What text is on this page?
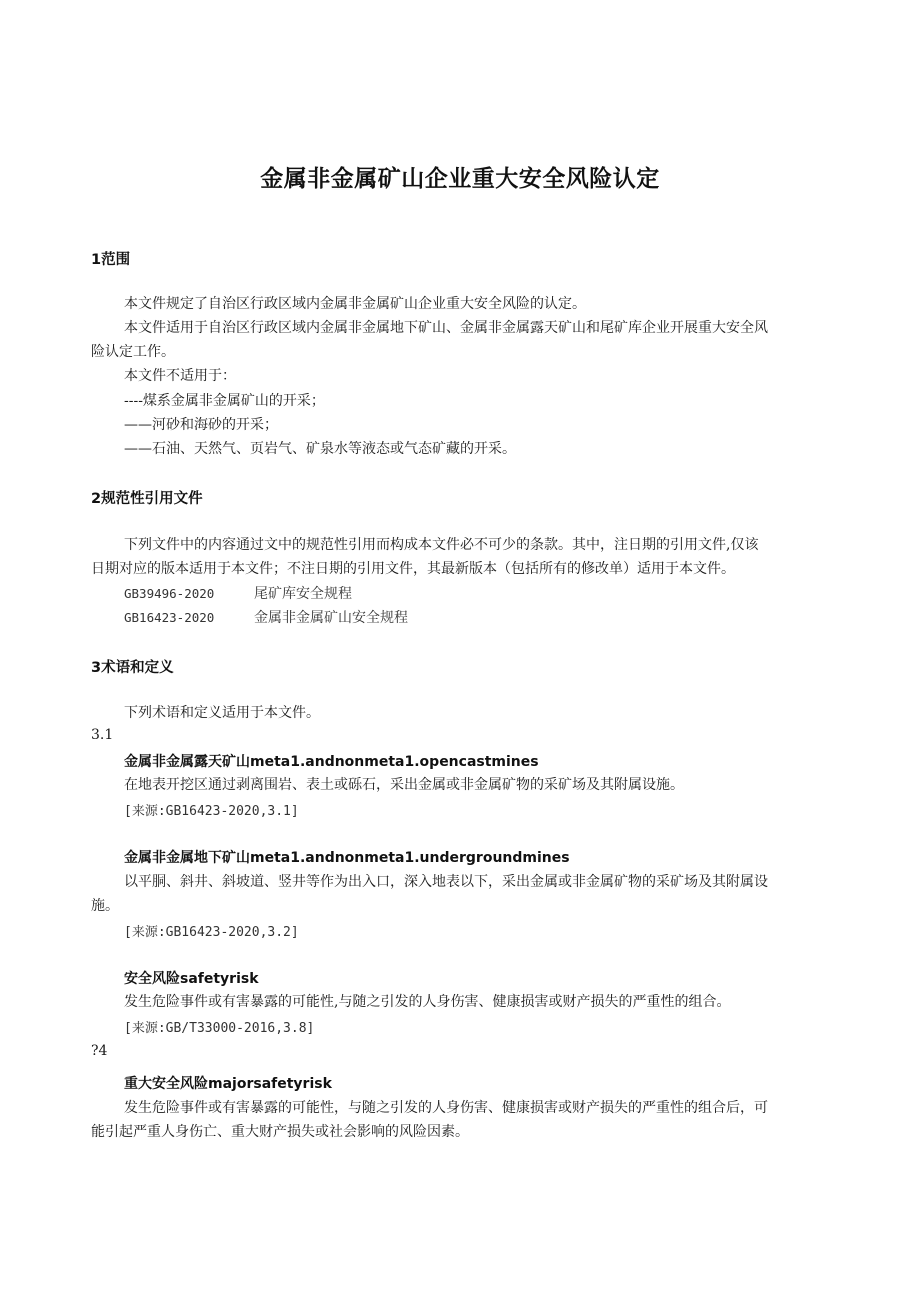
金属非金属矿山企业重大安全风险认定
1范围
本文件规定了自治区行政区域内金属非金属矿山企业重大安全风险的认定。
本文件适用于自治区行政区域内金属非金属地下矿山、金属非金属露天矿山和尾矿库企业开展重大安全风
险认定工作。
本文件不适用于：
----煤系金属非金属矿山的开采；
——河砂和海砂的开采；
——石油、天然气、页岩气、矿泉水等液态或气态矿藏的开采。
2规范性引用文件
下列文件中的内容通过文中的规范性引用而构成本文件必不可少的条款。其中，注日期的引用文件,仅该
日期对应的版本适用于本文件；不注日期的引用文件，其最新版本（包括所有的修改单）适用于本文件。
GB39496-2020	尾矿库安全规程
GB16423-2020	金属非金属矿山安全规程
3术语和定义
下列术语和定义适用于本文件。
3.1
金属非金属露天矿山meta1.andnonmeta1.opencastmines
在地表开挖区通过剥离围岩、表土或砾石，采出金属或非金属矿物的采矿场及其附属设施。
[来源:GB16423-2020,3.1]
金属非金属地下矿山meta1.andnonmeta1.undergroundmines
以平胴、斜井、斜坡道、竖井等作为出入口，深入地表以下，采出金属或非金属矿物的采矿场及其附属设
施。
[来源:GB16423-2020,3.2]
安全风险safetyrisk
发生危险事件或有害暴露的可能性,与随之引发的人身伤害、健康损害或财产损失的严重性的组合。
[来源:GB/T33000-2016,3.8]
?4
重大安全风险majorsafetyrisk
发生危险事件或有害暴露的可能性，与随之引发的人身伤害、健康损害或财产损失的严重性的组合后，可
能引起严重人身伤亡、重大财产损失或社会影响的风险因素。
